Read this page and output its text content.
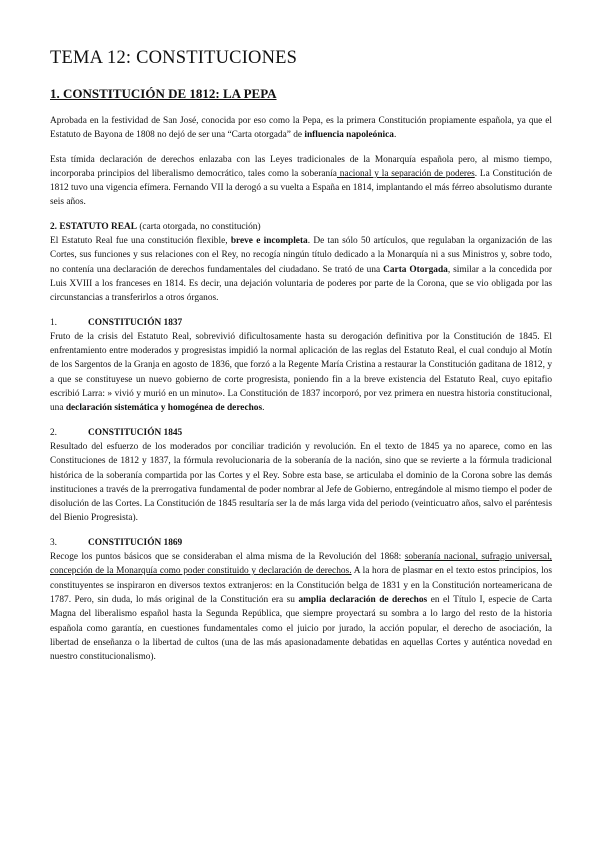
TEMA 12: CONSTITUCIONES
1. CONSTITUCIÓN DE 1812: LA PEPA

Aprobada en la festividad de San José, conocida por eso como la Pepa, es la primera Constitución propiamente española, ya que el Estatuto de Bayona de 1808 no dejó de ser una “Carta otorgada” de influencia napoleónica.

Esta tímida declaración de derechos enlazaba con las Leyes tradicionales de la Monarquía española pero, al mismo tiempo, incorporaba principios del liberalismo democrático, tales como la soberanía nacional y la separación de poderes. La Constitución de 1812 tuvo una vigencia efímera. Fernando VII la derogó a su vuelta a España en 1814, implantando el más férreo absolutismo durante seis años.

2. ESTATUTO REAL (carta otorgada, no constitución)

El Estatuto Real fue una constitución flexible, breve e incompleta. De tan sólo 50 artículos, que regulaban la organización de las Cortes, sus funciones y sus relaciones con el Rey, no recogía ningún título dedicado a la Monarquía ni a sus Ministros y, sobre todo, no contenía una declaración de derechos fundamentales del ciudadano. Se trató de una Carta Otorgada, similar a la concedida por Luis XVIII a los franceses en 1814. Es decir, una dejación voluntaria de poderes por parte de la Corona, que se vio obligada por las circunstancias a transferirlos a otros órganos.

1.	CONSTITUCIÓN 1837

Fruto de la crisis del Estatuto Real, sobrevivió dificultosamente hasta su derogación definitiva por la Constitución de 1845. El enfrentamiento entre moderados y progresistas impidió la normal aplicación de las reglas del Estatuto Real, el cual condujo al Motín de los Sargentos de la Granja en agosto de 1836, que forzó a la Regente María Cristina a restaurar la Constitución gaditana de 1812, y a que se constituyese un nuevo gobierno de corte progresista, poniendo fin a la breve existencia del Estatuto Real, cuyo epitafio escribió Larra: » vivió y murió en un minuto». La Constitución de 1837 incorporó, por vez primera en nuestra historia constitucional, una declaración sistemática y homogénea de derechos.

2.	CONSTITUCIÓN 1845

Resultado del esfuerzo de los moderados por conciliar tradición y revolución. En el texto de 1845 ya no aparece, como en las Constituciones de 1812 y 1837, la fórmula revolucionaria de la soberanía de la nación, sino que se revierte a la fórmula tradicional histórica de la soberanía compartida por las Cortes y el Rey. Sobre esta base, se articulaba el dominio de la Corona sobre las demás instituciones a través de la prerrogativa fundamental de poder nombrar al Jefe de Gobierno, entregándole al mismo tiempo el poder de disolución de las Cortes. La Constitución de 1845 resultaría ser la de más larga vida del periodo (veinticuatro años, salvo el paréntesis del Bienio Progresista).

3.	CONSTITUCIÓN 1869

Recoge los puntos básicos que se consideraban el alma misma de la Revolución del 1868: soberanía nacional, sufragio universal, concepción de la Monarquía como poder constituido y declaración de derechos. A la hora de plasmar en el texto estos principios, los constituyentes se inspiraron en diversos textos extranjeros: en la Constitución belga de 1831 y en la Constitución norteamericana de 1787. Pero, sin duda, lo más original de la Constitución era su amplia declaración de derechos en el Título I, especie de Carta Magna del liberalismo español hasta la Segunda República, que siempre proyectará su sombra a lo largo del resto de la historia española como garantía, en cuestiones fundamentales como el juicio por jurado, la acción popular, el derecho de asociación, la libertad de enseñanza o la libertad de cultos (una de las más apasionadamente debatidas en aquellas Cortes y auténtica novedad en nuestro constitucionalismo).
